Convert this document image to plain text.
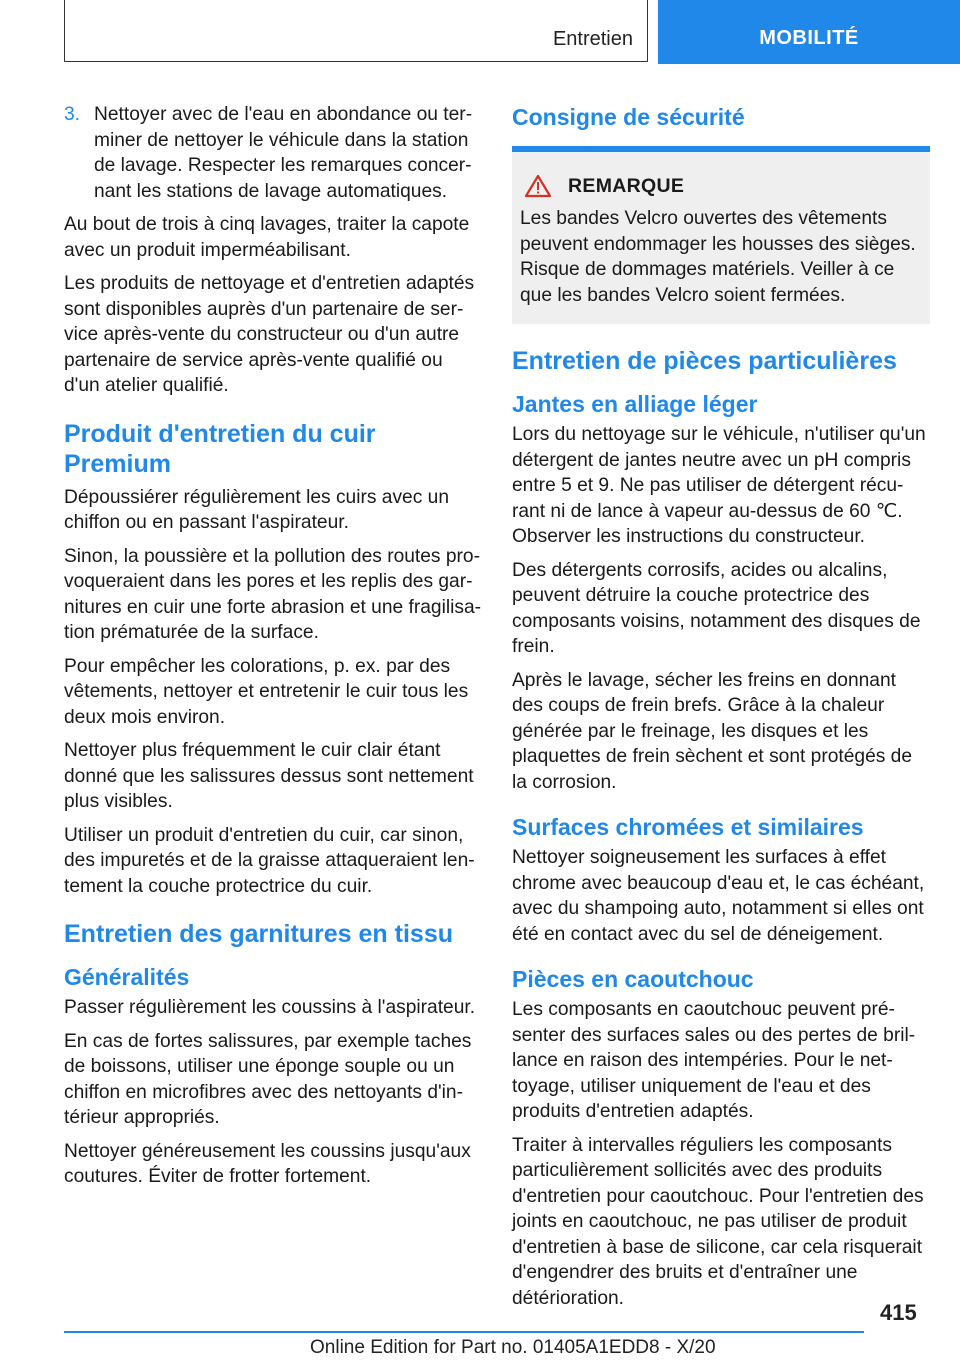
Entretien	MOBILITÉ
3. Nettoyer avec de l'eau en abondance ou terminer de nettoyer le véhicule dans la station de lavage. Respecter les remarques concernant les stations de lavage automatiques.

Au bout de trois à cinq lavages, traiter la capote avec un produit imperméabilisant.

Les produits de nettoyage et d'entretien adaptés sont disponibles auprès d'un partenaire de service après-vente du constructeur ou d'un autre partenaire de service après-vente qualifié ou d'un atelier qualifié.

Produit d'entretien du cuir Premium

Dépoussiérer régulièrement les cuirs avec un chiffon ou en passant l'aspirateur.

Sinon, la poussière et la pollution des routes provoqueraient dans les pores et les replis des garnitures en cuir une forte abrasion et une fragilisation prématurée de la surface.

Pour empêcher les colorations, p. ex. par des vêtements, nettoyer et entretenir le cuir tous les deux mois environ.

Nettoyer plus fréquemment le cuir clair étant donné que les salissures dessus sont nettement plus visibles.

Utiliser un produit d'entretien du cuir, car sinon, des impuretés et de la graisse attaqueraient lentement la couche protectrice du cuir.

Entretien des garnitures en tissu
Généralités

Passer régulièrement les coussins à l'aspirateur.

En cas de fortes salissures, par exemple taches de boissons, utiliser une éponge souple ou un chiffon en microfibres avec des nettoyants d'intérieur appropriés.

Nettoyer généreusement les coussins jusqu'aux coutures. Éviter de frotter fortement.

Consigne de sécurité
REMARQUE

Les bandes Velcro ouvertes des vêtements peuvent endommager les housses des sièges. Risque de dommages matériels. Veiller à ce que les bandes Velcro soient fermées.

Entretien de pièces particulières
Jantes en alliage léger

Lors du nettoyage sur le véhicule, n'utiliser qu'un détergent de jantes neutre avec un pH compris entre 5 et 9. Ne pas utiliser de détergent récurant ni de lance à vapeur au-dessus de 60 ℃. Observer les instructions du constructeur.

Des détergents corrosifs, acides ou alcalins, peuvent détruire la couche protectrice des composants voisins, notamment des disques de frein.

Après le lavage, sécher les freins en donnant des coups de frein brefs. Grâce à la chaleur générée par le freinage, les disques et les plaquettes de frein sèchent et sont protégés de la corrosion.

Surfaces chromées et similaires

Nettoyer soigneusement les surfaces à effet chrome avec beaucoup d'eau et, le cas échéant, avec du shampoing auto, notamment si elles ont été en contact avec du sel de déneigement.

Pièces en caoutchouc

Les composants en caoutchouc peuvent présenter des surfaces sales ou des pertes de brillance en raison des intempéries. Pour le nettoyage, utiliser uniquement de l'eau et des produits d'entretien adaptés.

Traiter à intervalles réguliers les composants particulièrement sollicités avec des produits d'entretien pour caoutchouc. Pour l'entretien des joints en caoutchouc, ne pas utiliser de produit d'entretien à base de silicone, car cela risquerait d'engendrer des bruits et d'entraîner une détérioration.

415
Online Edition for Part no. 01405A1EDD8 - X/20
